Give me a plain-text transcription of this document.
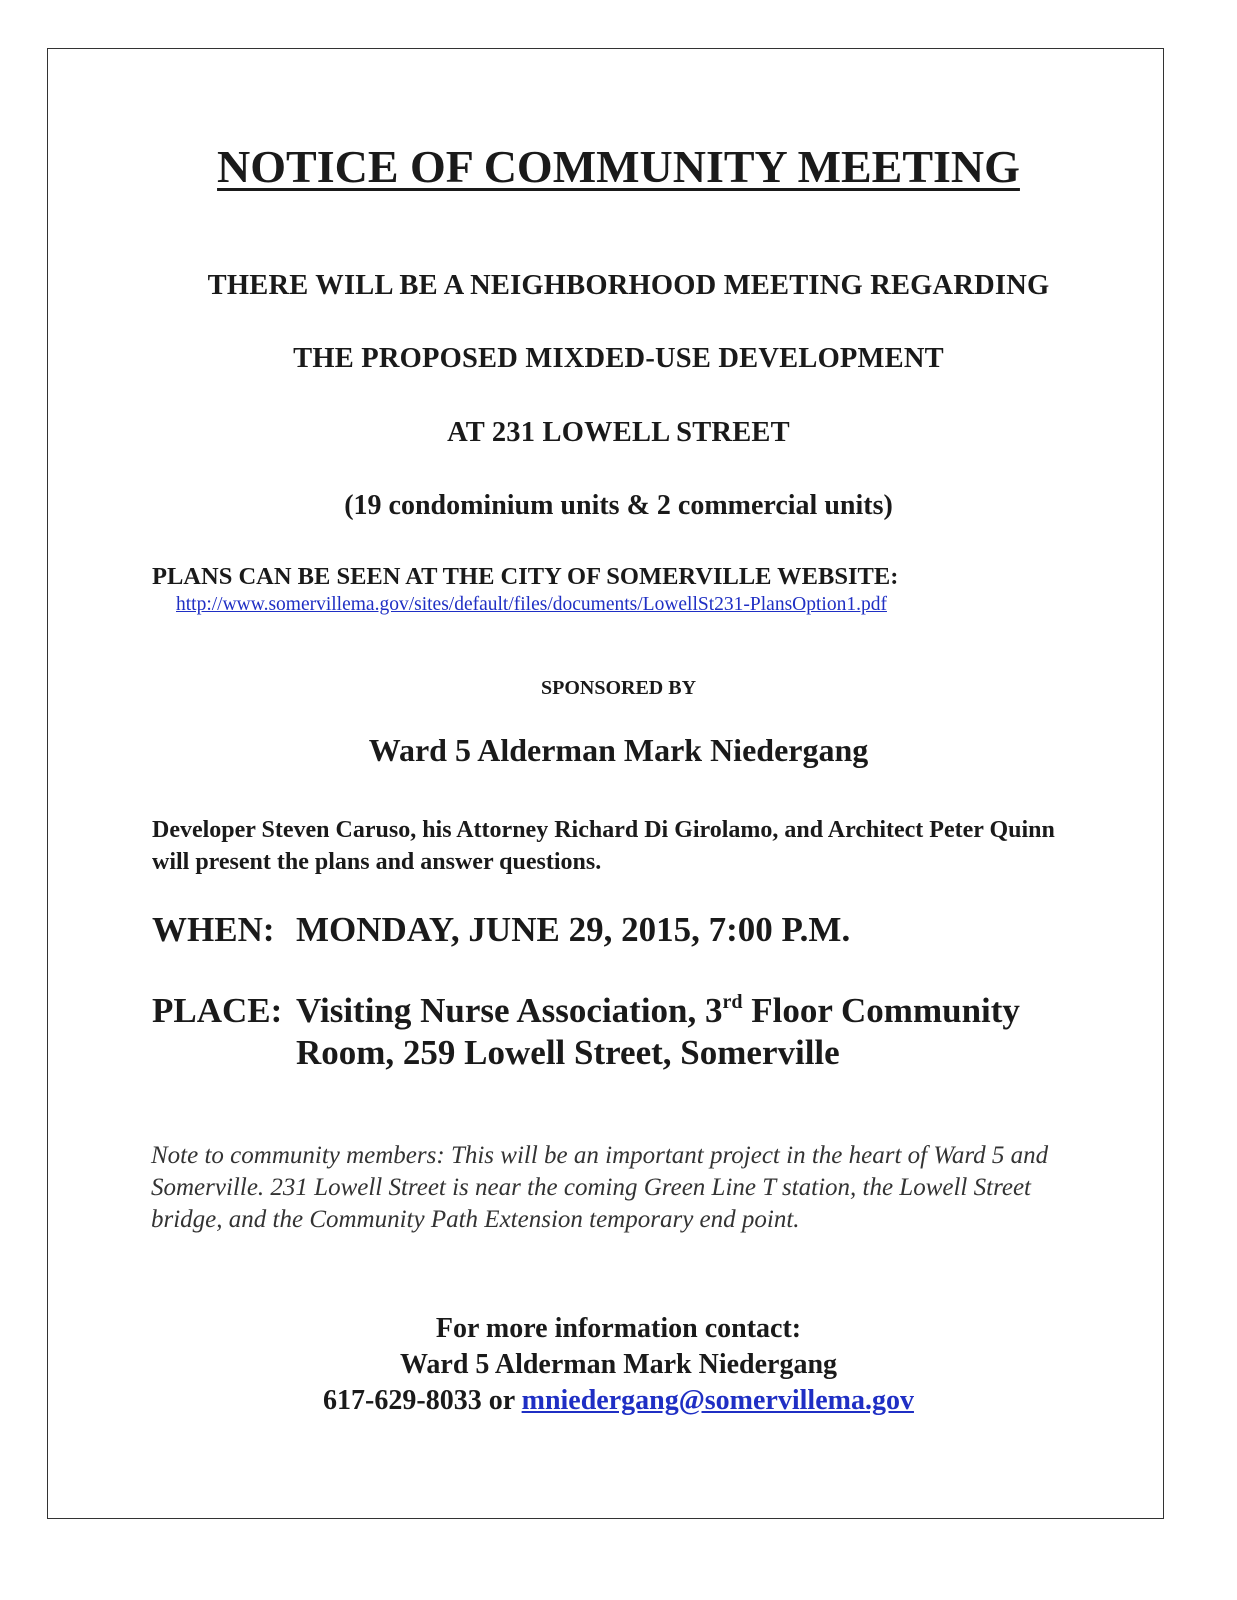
NOTICE OF COMMUNITY MEETING
THERE WILL BE A NEIGHBORHOOD MEETING REGARDING
THE PROPOSED MIXDED-USE DEVELOPMENT
AT 231 LOWELL STREET
(19 condominium units & 2 commercial units)
PLANS CAN BE SEEN AT THE CITY OF SOMERVILLE WEBSITE:
http://www.somervillema.gov/sites/default/files/documents/LowellSt231-PlansOption1.pdf
SPONSORED BY
Ward 5 Alderman Mark Niedergang
Developer Steven Caruso, his Attorney Richard Di Girolamo, and Architect Peter Quinn will present the plans and answer questions.
WHEN: MONDAY, JUNE 29, 2015, 7:00 P.M.
PLACE: Visiting Nurse Association, 3rd Floor Community Room, 259 Lowell Street, Somerville
Note to community members: This will be an important project in the heart of Ward 5 and Somerville. 231 Lowell Street is near the coming Green Line T station, the Lowell Street bridge, and the Community Path Extension temporary end point.
For more information contact:
Ward 5 Alderman Mark Niedergang
617-629-8033 or mniedergang@somervillema.gov
